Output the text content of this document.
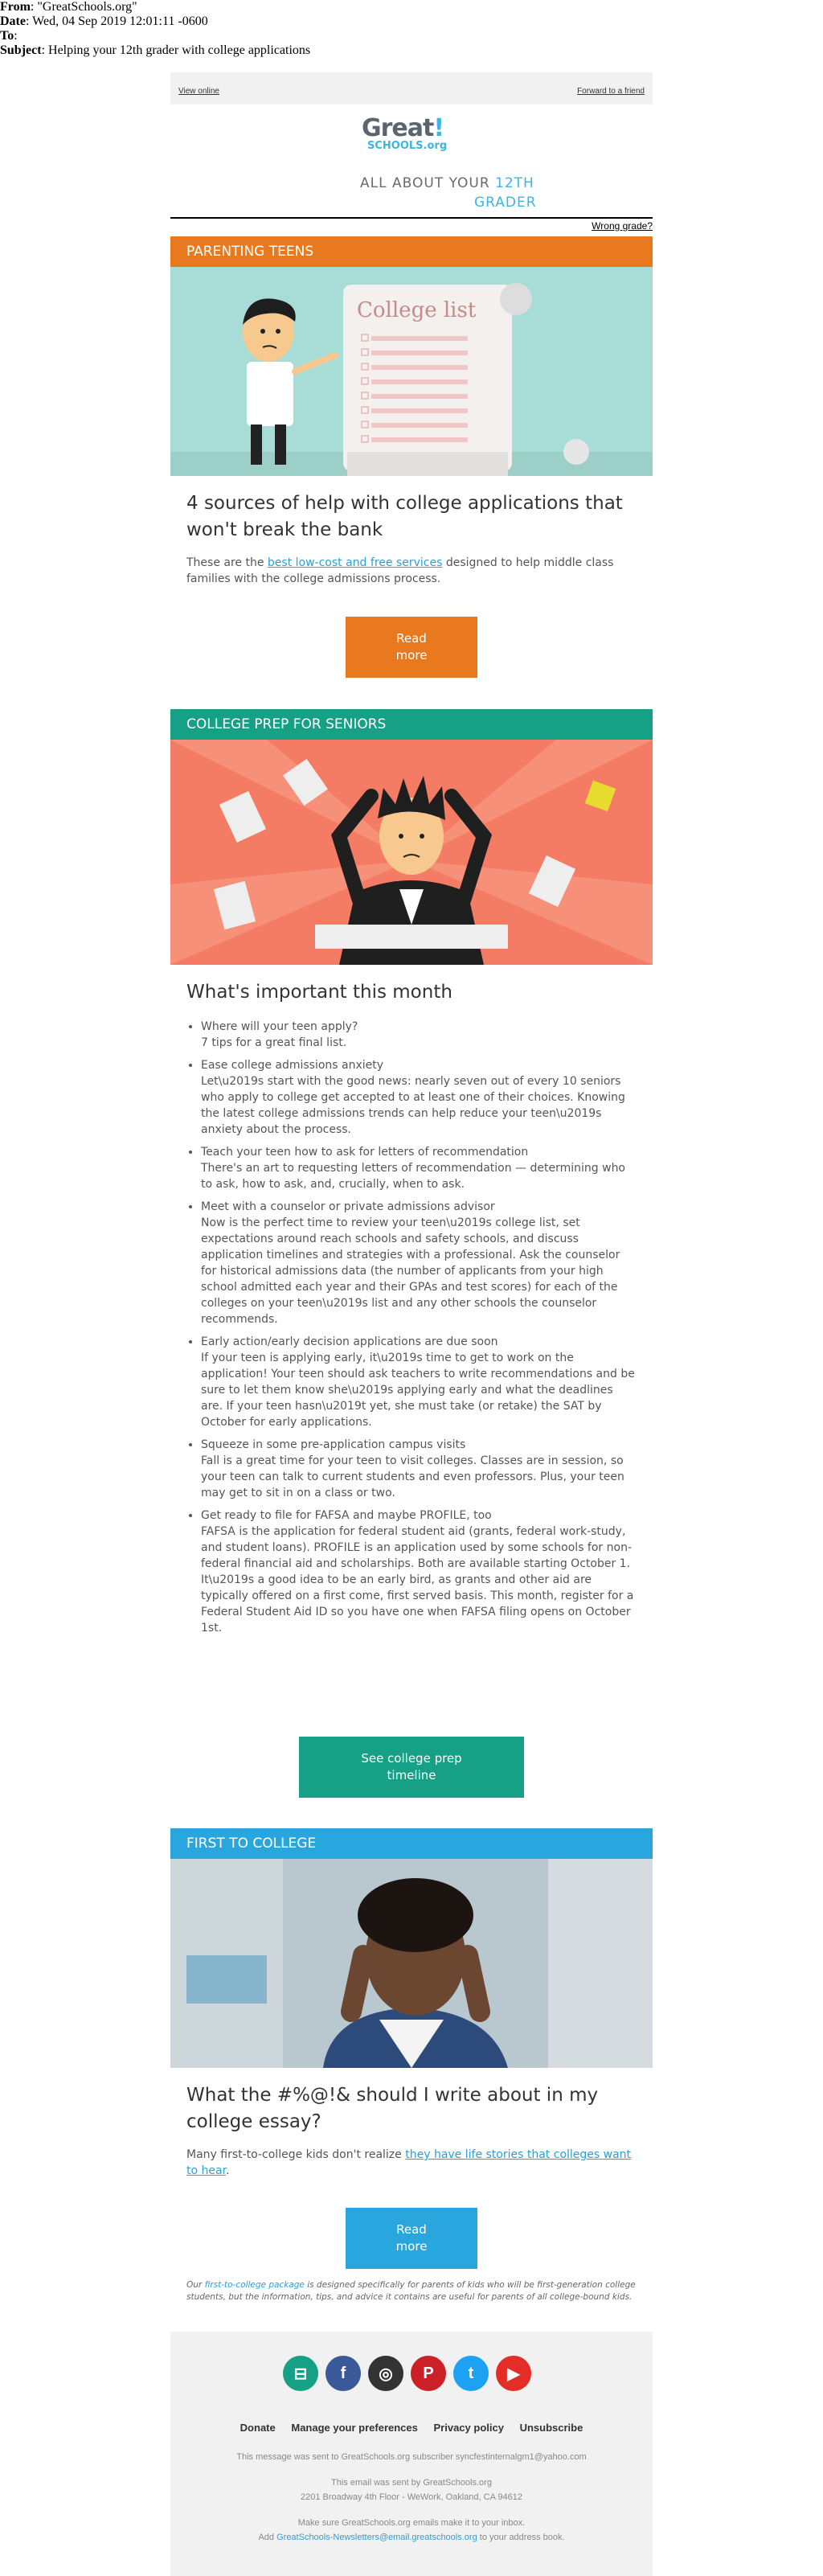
From: "GreatSchools.org"
Date: Wed, 04 Sep 2019 12:01:11 -0600
To:
Subject: Helping your 12th grader with college applications
View online	Forward to a friend
Great!
SCHOOLS.org
ALL ABOUT YOUR 12TH
GRADER
Wrong grade?
PARENTING TEENS
College list
4 sources of help with college applications that won't break the bank
These are the best low-cost and free services designed to help middle class families with the college admissions process.
Read more
COLLEGE PREP FOR SENIORS
What's important this month
• Where will your teen apply?
7 tips for a great final list.
• Ease college admissions anxiety
Let\u2019s start with the good news: nearly seven out of every 10 seniors who apply to college get accepted to at least one of their choices. Knowing the latest college admissions trends can help reduce your teen\u2019s anxiety about the process.
• Teach your teen how to ask for letters of recommendation
There's an art to requesting letters of recommendation — determining who to ask, how to ask, and, crucially, when to ask.
• Meet with a counselor or private admissions advisor
Now is the perfect time to review your teen\u2019s college list, set expectations around reach schools and safety schools, and discuss application timelines and strategies with a professional. Ask the counselor for historical admissions data (the number of applicants from your high school admitted each year and their GPAs and test scores) for each of the colleges on your teen\u2019s list and any other schools the counselor recommends.
• Early action/early decision applications are due soon
If your teen is applying early, it\u2019s time to get to work on the application! Your teen should ask teachers to write recommendations and be sure to let them know she\u2019s applying early and what the deadlines are. If your teen hasn\u2019t yet, she must take (or retake) the SAT by October for early applications.
• Squeeze in some pre-application campus visits
Fall is a great time for your teen to visit colleges. Classes are in session, so your teen can talk to current students and even professors. Plus, your teen may get to sit in on a class or two.
• Get ready to file for FAFSA and maybe PROFILE, too
FAFSA is the application for federal student aid (grants, federal work-study, and student loans). PROFILE is an application used by some schools for non-federal financial aid and scholarships. Both are available starting October 1. It\u2019s a good idea to be an early bird, as grants and other aid are typically offered on a first come, first served basis. This month, register for a Federal Student Aid ID so you have one when FAFSA filing opens on October 1st.
See college prep timeline
FIRST TO COLLEGE
What the #%@!& should I write about in my college essay?
Many first-to-college kids don't realize they have life stories that colleges want to hear.
Read more
Our first-to-college package is designed specifically for parents of kids who will be first-generation college students, but the information, tips, and advice it contains are useful for parents of all college-bound kids.
⊟	f	◎	P	t	▶
Donate Manage your preferences Privacy policy Unsubscribe
This message was sent to GreatSchools.org subscriber syncfestinternalgm1@yahoo.com
This email was sent by GreatSchools.org
2201 Broadway 4th Floor - WeWork, Oakland, CA 94612
Make sure GreatSchools.org emails make it to your inbox.
Add GreatSchools-Newsletters@email.greatschools.org to your address book.
